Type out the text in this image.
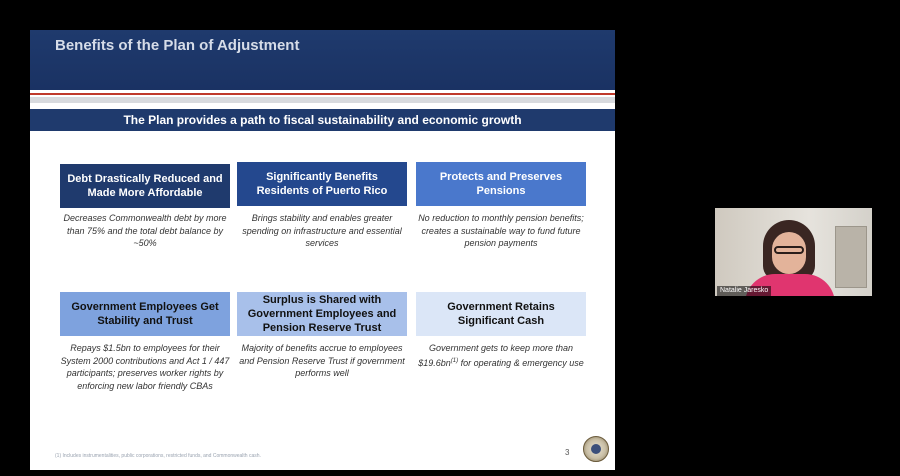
Benefits of the Plan of Adjustment
The Plan provides a path to fiscal sustainability and economic growth
Debt Drastically Reduced and Made More Affordable
Decreases Commonwealth debt by more than 75% and the total debt balance by ~50%
Significantly Benefits Residents of Puerto Rico
Brings stability and enables greater spending on infrastructure and essential services
Protects and Preserves Pensions
No reduction to monthly pension benefits; creates a sustainable way to fund future pension payments
Government Employees Get Stability and Trust
Repays $1.5bn to employees for their System 2000 contributions and Act 1 / 447 participants; preserves worker rights by enforcing new labor friendly CBAs
Surplus is Shared with Government Employees and Pension Reserve Trust
Majority of benefits accrue to employees and Pension Reserve Trust if government performs well
Government Retains Significant Cash
Government gets to keep more than $\$19.6bn^{(1)}$ for operating & emergency use
(1) Includes instrumentalities, public corporations, restricted funds, and Commonwealth cash.	3
Natalie Jaresko
